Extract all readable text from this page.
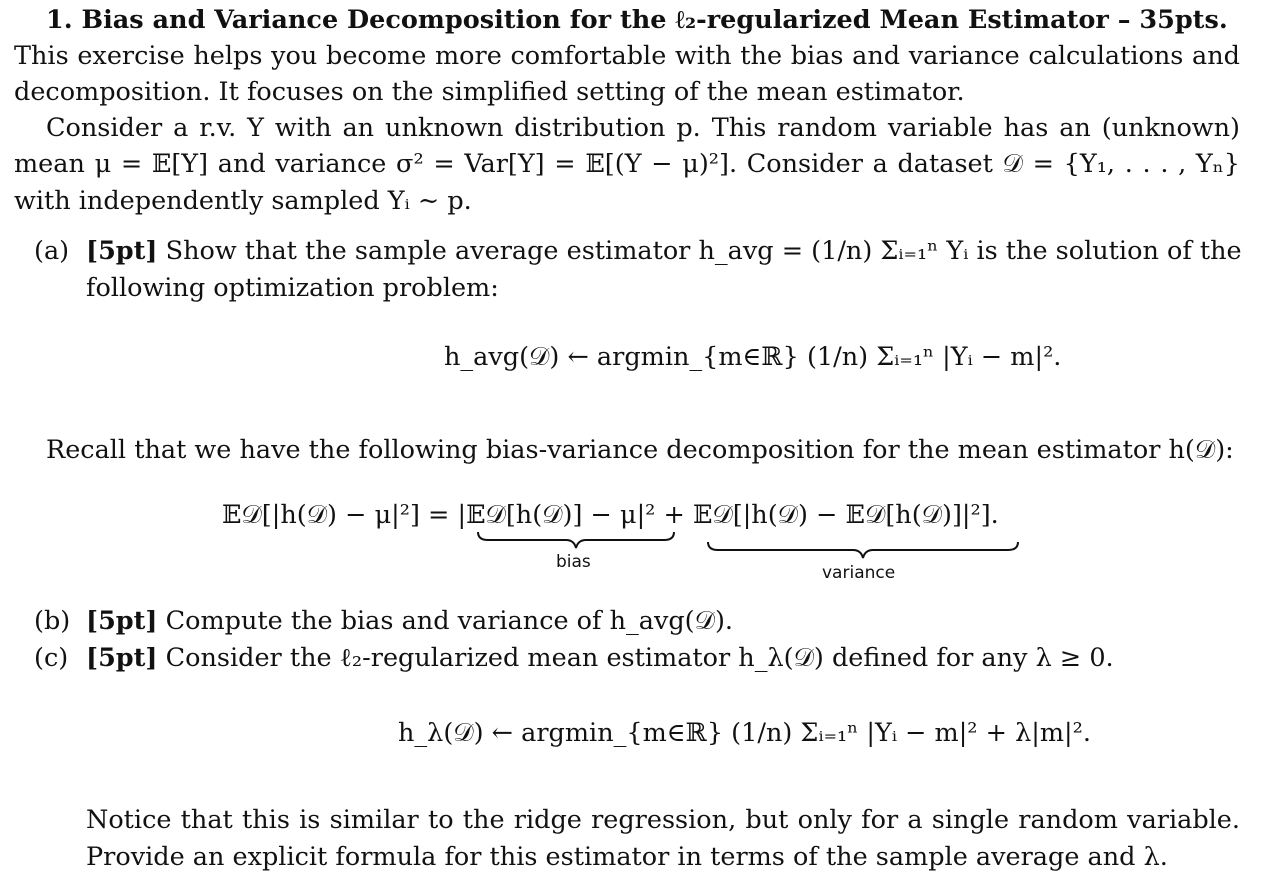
1. Bias and Variance Decomposition for the ℓ₂-regularized Mean Estimator – 35pts.
This exercise helps you become more comfortable with the bias and variance calculations and
decomposition. It focuses on the simplified setting of the mean estimator.
Consider a r.v. Y with an unknown distribution p. This random variable has an (unknown)
mean μ = 𝔼[Y] and variance σ² = Var[Y] = 𝔼[(Y − μ)²]. Consider a dataset 𝒟 = {Y₁, . . . , Yₙ}
with independently sampled Yᵢ ∼ p.
(a) [5pt] Show that the sample average estimator h_avg = (1/n) Σᵢ₌₁ⁿ Yᵢ is the solution of the
following optimization problem:
h_avg(𝒟) ← argmin_{m∈ℝ} (1/n) Σᵢ₌₁ⁿ |Yᵢ − m|².
Recall that we have the following bias-variance decomposition for the mean estimator h(𝒟):
𝔼𝒟[|h(𝒟) − μ|²] = |𝔼𝒟[h(𝒟)] − μ|² + 𝔼𝒟[|h(𝒟) − 𝔼𝒟[h(𝒟)]|²].
bias
variance
(b) [5pt] Compute the bias and variance of h_avg(𝒟).
(c) [5pt] Consider the ℓ₂-regularized mean estimator h_λ(𝒟) defined for any λ ≥ 0.
h_λ(𝒟) ← argmin_{m∈ℝ} (1/n) Σᵢ₌₁ⁿ |Yᵢ − m|² + λ|m|².
Notice that this is similar to the ridge regression, but only for a single random variable.
Provide an explicit formula for this estimator in terms of the sample average and λ.
